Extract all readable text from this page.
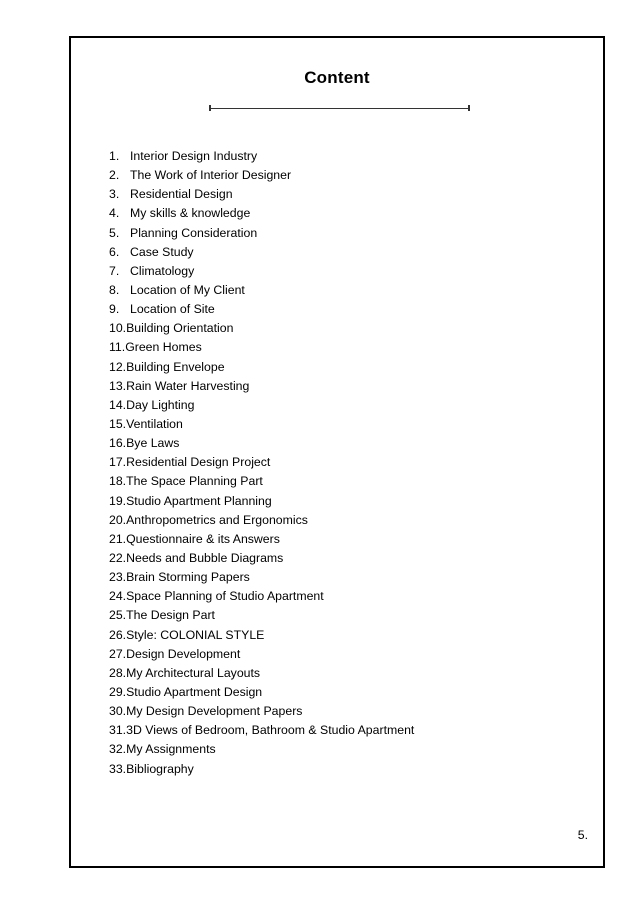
Content
1. Interior Design Industry
2. The Work of Interior Designer
3. Residential Design
4. My skills & knowledge
5. Planning Consideration
6. Case Study
7. Climatology
8. Location of My Client
9. Location of Site
10.Building Orientation
11.Green Homes
12.Building Envelope
13.Rain Water Harvesting
14.Day Lighting
15.Ventilation
16.Bye Laws
17.Residential Design Project
18.The Space Planning Part
19.Studio Apartment Planning
20.Anthropometrics and Ergonomics
21.Questionnaire & its Answers
22.Needs and Bubble Diagrams
23.Brain Storming Papers
24.Space Planning of Studio Apartment
25.The Design Part
26.Style: COLONIAL STYLE
27.Design Development
28.My Architectural Layouts
29.Studio Apartment Design
30.My Design Development Papers
31.3D Views of Bedroom, Bathroom & Studio Apartment
32.My Assignments
33.Bibliography
5.
